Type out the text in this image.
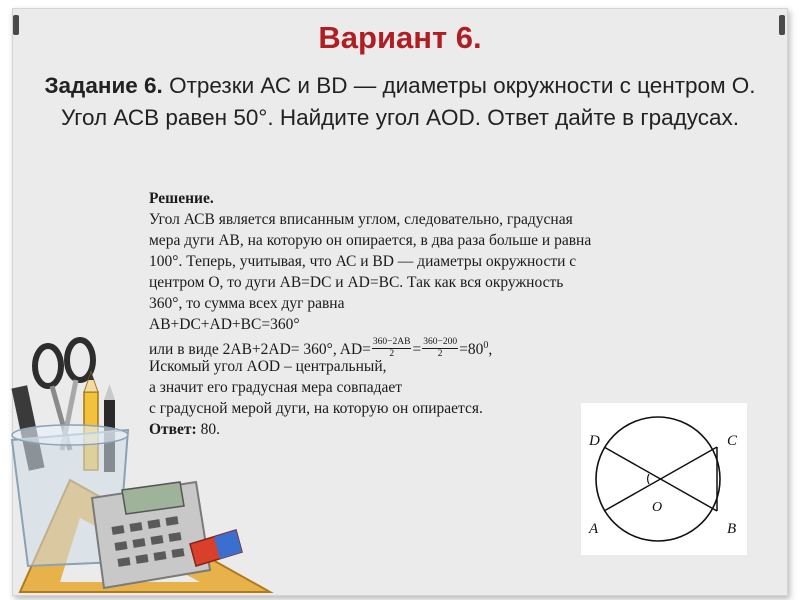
Вариант 6.
Задание 6. Отрезки АС и BD — диаметры окружности с центром О. Угол АСВ равен 50°. Найдите угол AOD. Ответ дайте в градусах.
Решение.
Угол АСВ является вписанным углом, следовательно, градусная
мера дуги АВ, на которую он опирается, в два раза больше и равна
100°. Теперь, учитывая, что АС и BD — диаметры окружности с
центром О, то дуги АВ=DC и AD=BC. Так как вся окружность
360°, то сумма всех дуг равна
АВ+DC+AD+BC=360°
или в виде 2АВ+2AD= 360°, $AD= \frac{360-2AB}{2} = \frac{360-200}{2} =80^0$,
Искомый угол AOD – центральный,
а значит его градусная мера совпадает
с градусной мерой дуги, на которую он опирается.
Ответ: 80.
D	C
O
A	B
